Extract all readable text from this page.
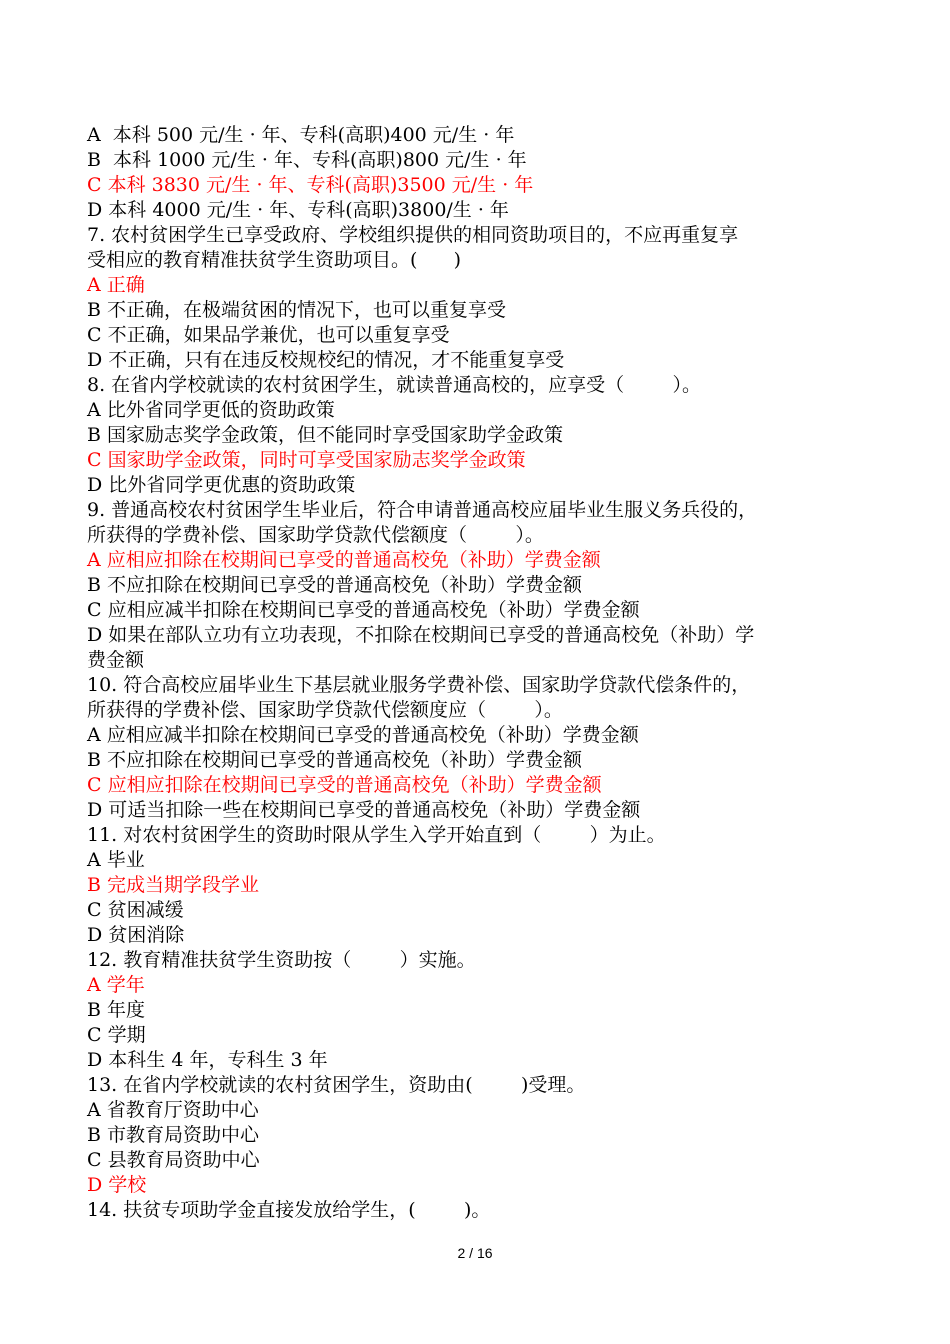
A  本科 500 元/生 · 年、专科(高职)400 元/生 · 年
B  本科 1000 元/生 · 年、专科(高职)800 元/生 · 年
C 本科 3830 元/生 · 年、专科(高职)3500 元/生 · 年
D 本科 4000 元/生 · 年、专科(高职)3800/生 · 年
7. 农村贫困学生已享受政府、学校组织提供的相同资助项目的，不应再重复享
受相应的教育精准扶贫学生资助项目。(      )
A 正确
B 不正确，在极端贫困的情况下，也可以重复享受
C 不正确，如果品学兼优，也可以重复享受
D 不正确，只有在违反校规校纪的情况，才不能重复享受
8. 在省内学校就读的农村贫困学生，就读普通高校的，应享受（        ）。
A 比外省同学更低的资助政策
B 国家励志奖学金政策，但不能同时享受国家助学金政策
C 国家助学金政策，同时可享受国家励志奖学金政策
D 比外省同学更优惠的资助政策
9. 普通高校农村贫困学生毕业后，符合申请普通高校应届毕业生服义务兵役的，
所获得的学费补偿、国家助学贷款代偿额度（        ）。
A 应相应扣除在校期间已享受的普通高校免（补助）学费金额
B 不应扣除在校期间已享受的普通高校免（补助）学费金额
C 应相应减半扣除在校期间已享受的普通高校免（补助）学费金额
D 如果在部队立功有立功表现，不扣除在校期间已享受的普通高校免（补助）学
费金额
10. 符合高校应届毕业生下基层就业服务学费补偿、国家助学贷款代偿条件的，
所获得的学费补偿、国家助学贷款代偿额度应（        ）。
A 应相应减半扣除在校期间已享受的普通高校免（补助）学费金额
B 不应扣除在校期间已享受的普通高校免（补助）学费金额
C 应相应扣除在校期间已享受的普通高校免（补助）学费金额
D 可适当扣除一些在校期间已享受的普通高校免（补助）学费金额
11. 对农村贫困学生的资助时限从学生入学开始直到（        ）为止。
A 毕业
B 完成当期学段学业
C 贫困减缓
D 贫困消除
12. 教育精准扶贫学生资助按（        ）实施。
A 学年
B 年度
C 学期
D 本科生 4 年，专科生 3 年
13. 在省内学校就读的农村贫困学生，资助由(        )受理。
A 省教育厅资助中心
B 市教育局资助中心
C 县教育局资助中心
D 学校
14. 扶贫专项助学金直接发放给学生，(        )。
2 / 16
